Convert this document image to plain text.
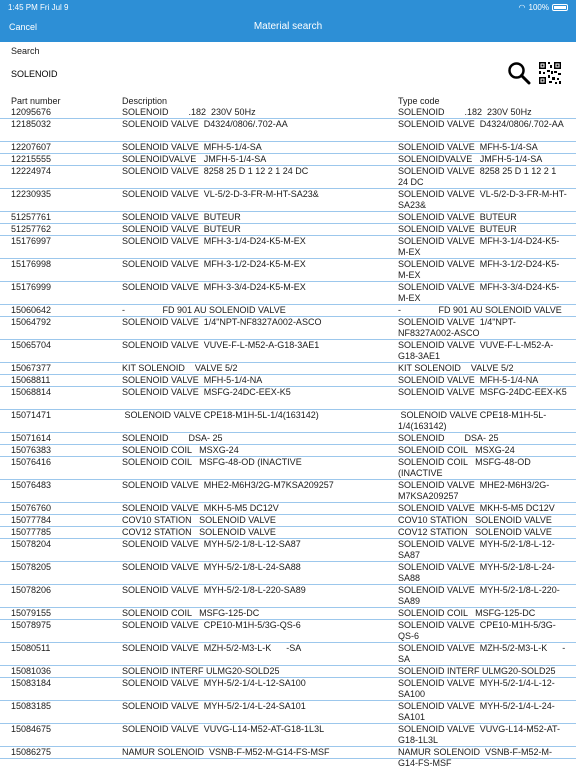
1:45 PM Fri Jul 9	◠ 100%
Cancel	Material search
Search
SOLENOID
Part number	Description	Type code
12095676	SOLENOID        .182  230V 50Hz	SOLENOID        .182  230V 50Hz
12185032	SOLENOID VALVE  D4324/0806/.702-AA	SOLENOID VALVE  D4324/0806/.702-AA
12207607	SOLENOID VALVE  MFH-5-1/4-SA	SOLENOID VALVE  MFH-5-1/4-SA
12215555	SOLENOIDVALVE   JMFH-5-1/4-SA	SOLENOIDVALVE   JMFH-5-1/4-SA
12224974	SOLENOID VALVE  8258 25 D 1 12 2 1 24 DC	SOLENOID VALVE  8258 25 D 1 12 2 1 24 DC
12230935	SOLENOID VALVE  VL-5/2-D-3-FR-M-HT-SA23&	SOLENOID VALVE  VL-5/2-D-3-FR-M-HT-SA23&
51257761	SOLENOID VALVE  BUTEUR	SOLENOID VALVE  BUTEUR
51257762	SOLENOID VALVE  BUTEUR	SOLENOID VALVE  BUTEUR
15176997	SOLENOID VALVE  MFH-3-1/4-D24-K5-M-EX	SOLENOID VALVE  MFH-3-1/4-D24-K5-M-EX
15176998	SOLENOID VALVE  MFH-3-1/2-D24-K5-M-EX	SOLENOID VALVE  MFH-3-1/2-D24-K5-M-EX
15176999	SOLENOID VALVE  MFH-3-3/4-D24-K5-M-EX	SOLENOID VALVE  MFH-3-3/4-D24-K5-M-EX
15060642	-               FD 901 AU SOLENOID VALVE	-               FD 901 AU SOLENOID VALVE
15064792	SOLENOID VALVE  1/4"NPT-NF8327A002-ASCO	SOLENOID VALVE  1/4"NPT-NF8327A002-ASCO
15065704	SOLENOID VALVE  VUVE-F-L-M52-A-G18-3AE1	SOLENOID VALVE  VUVE-F-L-M52-A-G18-3AE1
15067377	KIT SOLENOID    VALVE 5/2	KIT SOLENOID    VALVE 5/2
15068811	SOLENOID VALVE  MFH-5-1/4-NA	SOLENOID VALVE  MFH-5-1/4-NA
15068814	SOLENOID VALVE  MSFG-24DC-EEX-K5	SOLENOID VALVE  MSFG-24DC-EEX-K5
15071471	SOLENOID VALVE CPE18-M1H-5L-1/4(163142)	SOLENOID VALVE CPE18-M1H-5L-1/4(163142)
15071614	SOLENOID        DSA- 25	SOLENOID        DSA- 25
15076383	SOLENOID COIL   MSXG-24	SOLENOID COIL   MSXG-24
15076416	SOLENOID COIL   MSFG-48-OD (INACTIVE	SOLENOID COIL   MSFG-48-OD (INACTIVE
15076483	SOLENOID VALVE  MHE2-M6H3/2G-M7KSA209257	SOLENOID VALVE  MHE2-M6H3/2G-M7KSA209257
15076760	SOLENOID VALVE  MKH-5-M5 DC12V	SOLENOID VALVE  MKH-5-M5 DC12V
15077784	COV10 STATION   SOLENOID VALVE	COV10 STATION   SOLENOID VALVE
15077785	COV12 STATION   SOLENOID VALVE	COV12 STATION   SOLENOID VALVE
15078204	SOLENOID VALVE  MYH-5/2-1/8-L-12-SA87	SOLENOID VALVE  MYH-5/2-1/8-L-12-SA87
15078205	SOLENOID VALVE  MYH-5/2-1/8-L-24-SA88	SOLENOID VALVE  MYH-5/2-1/8-L-24-SA88
15078206	SOLENOID VALVE  MYH-5/2-1/8-L-220-SA89	SOLENOID VALVE  MYH-5/2-1/8-L-220-SA89
15079155	SOLENOID COIL   MSFG-125-DC	SOLENOID COIL   MSFG-125-DC
15078975	SOLENOID VALVE  CPE10-M1H-5/3G-QS-6	SOLENOID VALVE  CPE10-M1H-5/3G-QS-6
15080511	SOLENOID VALVE  MZH-5/2-M3-L-K      -SA	SOLENOID VALVE  MZH-5/2-M3-L-K      -SA
15081036	SOLENOID INTERF ULMG20-SOLD25	SOLENOID INTERF ULMG20-SOLD25
15083184	SOLENOID VALVE  MYH-5/2-1/4-L-12-SA100	SOLENOID VALVE  MYH-5/2-1/4-L-12-SA100
15083185	SOLENOID VALVE  MYH-5/2-1/4-L-24-SA101	SOLENOID VALVE  MYH-5/2-1/4-L-24-SA101
15084675	SOLENOID VALVE  VUVG-L14-M52-AT-G18-1L3L	SOLENOID VALVE  VUVG-L14-M52-AT-G18-1L3L
15086275	NAMUR SOLENOID  VSNB-F-M52-M-G14-FS-MSF	NAMUR SOLENOID  VSNB-F-M52-M-G14-FS-MSF
